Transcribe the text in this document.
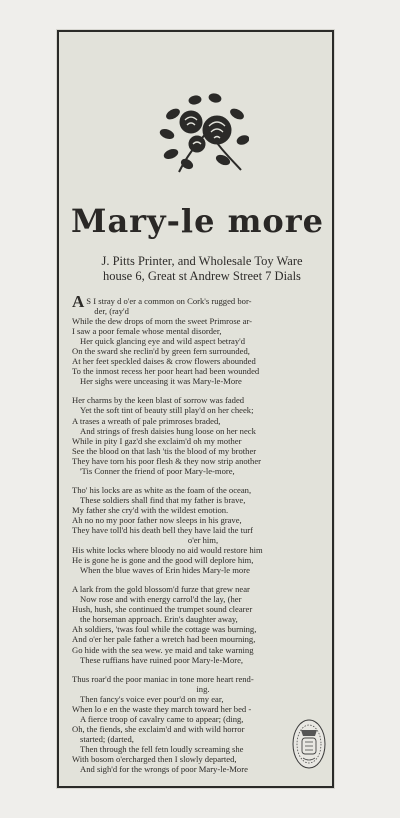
Mary-le more
J. Pitts Printer, and Wholesale Toy Ware
house 6, Great st Andrew Street 7 Dials
A S I stray d o'er a common on Cork's rugged bor-
der, (ray'd
While the dew drops of morn the sweet Primrose ar-
I saw a poor female whose mental disorder,
Her quick glancing eye and wild aspect betray'd
On the sward she reclin'd by green fern surrounded,
At her feet speckled daises & crow flowers abounded
To the inmost recess her poor heart had been wounded
Her sighs were unceasing it was Mary-le-More
Her charms by the keen blast of sorrow was faded
Yet the soft tint of beauty still play'd on her cheek;
A trases a wreath of pale primroses braded,
And strings of fresh daisies hung loose on her neck
While in pity I gaz'd she exclaim'd oh my mother
See the blood on that lash 'tis the blood of my brother
They have torn his poor flesh & they now strip another
'Tis Conner the friend of poor Mary-le-more,
Tho' his locks are as white as the foam of the ocean,
These soldiers shall find that my father is brave,
My father she cry'd with the wildest emotion.
Ah no no my poor father now sleeps in his grave,
They have toll'd his death bell they have laid the turf
o'er him,
His white locks where bloody no aid would restore him
He is gone he is gone and the good will deplore him,
When the blue waves of Erin hides Mary-le more
A lark from the gold blossom'd furze that grew near
Now rose and with energy carrol'd the lay, (her
Hush, hush, she continued the trumpet sound clearer
the horseman approach. Erin's daughter away,
Ah soldiers, 'twas foul while the cottage was burning,
And o'er her pale father a wretch had been mourning,
Go hide with the sea wew. ye maid and take warning
These ruffians have ruined poor Mary-le-More,
Thus roar'd the poor maniac in tone more heart rend-
ing.
Then fancy's voice ever pour'd on my ear,
When lo e en the waste they march toward her bed -
A fierce troop of cavalry came to appear; (ding,
Oh, the fiends, she exclaim'd and with wild horror
started; (darted,
Then through the fell fetn loudly screaming she
With bosom o'ercharged then I slowly departed,
And sigh'd for the wrongs of poor Mary-le-More
